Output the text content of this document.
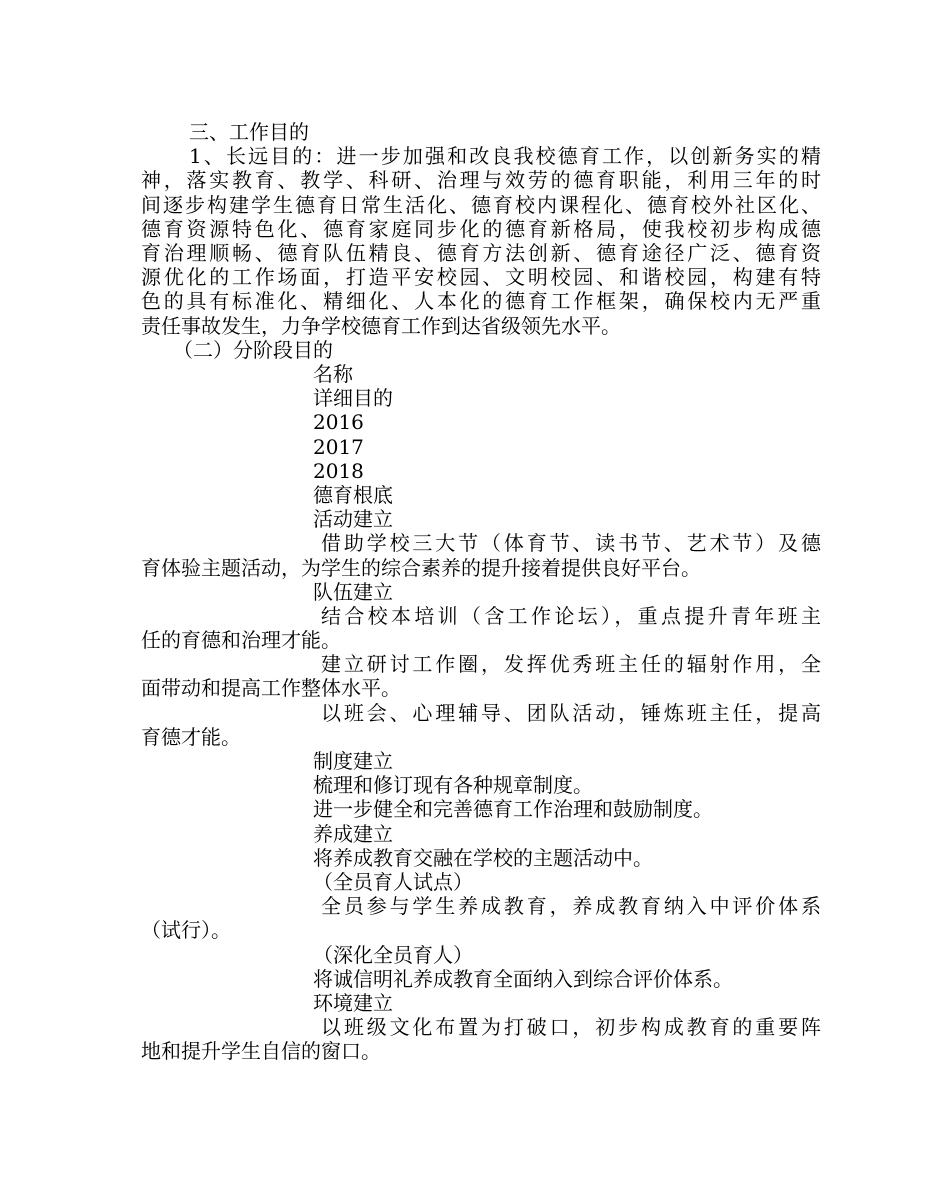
三、工作目的
1、长远目的：进一步加强和改良我校德育工作，以创新务实的精
神，落实教育、教学、科研、治理与效劳的德育职能，利用三年的时
间逐步构建学生德育日常生活化、德育校内课程化、德育校外社区化、
德育资源特色化、德育家庭同步化的德育新格局，使我校初步构成德
育治理顺畅、德育队伍精良、德育方法创新、德育途径广泛、德育资
源优化的工作场面，打造平安校园、文明校园、和谐校园，构建有特
色的具有标准化、精细化、人本化的德育工作框架，确保校内无严重
责任事故发生，力争学校德育工作到达省级领先水平。
（二）分阶段目的
名称
详细目的
2016
2017
2018
德育根底
活动建立
借助学校三大节（体育节、读书节、艺术节）及德
育体验主题活动，为学生的综合素养的提升接着提供良好平台。
队伍建立
结合校本培训（含工作论坛），重点提升青年班主
任的育德和治理才能。
建立研讨工作圈，发挥优秀班主任的辐射作用，全
面带动和提高工作整体水平。
以班会、心理辅导、团队活动，锤炼班主任，提高
育德才能。
制度建立
梳理和修订现有各种规章制度。
进一步健全和完善德育工作治理和鼓励制度。
养成建立
将养成教育交融在学校的主题活动中。
（全员育人试点）
全员参与学生养成教育，养成教育纳入中评价体系
（试行）。
（深化全员育人）
将诚信明礼养成教育全面纳入到综合评价体系。
环境建立
以班级文化布置为打破口，初步构成教育的重要阵
地和提升学生自信的窗口。
